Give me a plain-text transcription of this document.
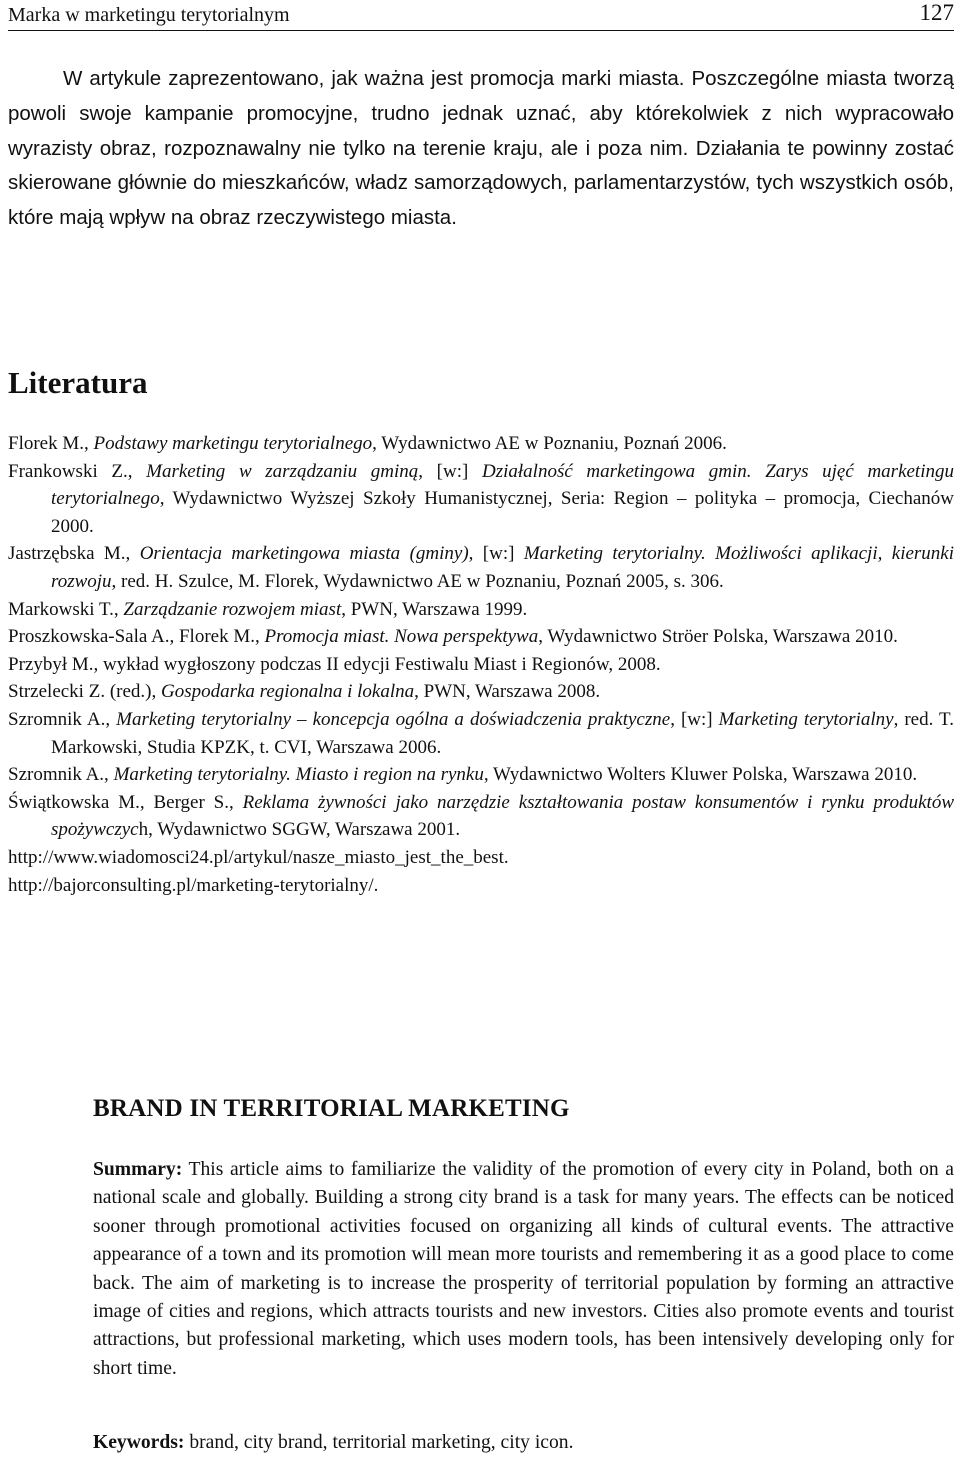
Marka w marketingu terytorialnym	127

W artykule zaprezentowano, jak ważna jest promocja marki miasta. Poszczególne miasta tworzą powoli swoje kampanie promocyjne, trudno jednak uznać, aby którekolwiek z nich wypracowało wyrazisty obraz, rozpoznawalny nie tylko na terenie kraju, ale i poza nim. Działania te powinny zostać skierowane głównie do mieszkańców, władz samorządowych, parlamentarzystów, tych wszystkich osób, które mają wpływ na obraz rzeczywistego miasta.

Literatura
Florek M., Podstawy marketingu terytorialnego, Wydawnictwo AE w Poznaniu, Poznań 2006.
Frankowski Z., Marketing w zarządzaniu gminą, [w:] Działalność marketingowa gmin. Zarys ujęć marketingu terytorialnego, Wydawnictwo Wyższej Szkoły Humanistycznej, Seria: Region – polityka – promocja, Ciechanów 2000.
Jastrzębska M., Orientacja marketingowa miasta (gminy), [w:] Marketing terytorialny. Możliwości aplikacji, kierunki rozwoju, red. H. Szulce, M. Florek, Wydawnictwo AE w Poznaniu, Poznań 2005, s. 306.
Markowski T., Zarządzanie rozwojem miast, PWN, Warszawa 1999.
Proszkowska-Sala A., Florek M., Promocja miast. Nowa perspektywa, Wydawnictwo Ströer Polska, Warszawa 2010.
Przybył M., wykład wygłoszony podczas II edycji Festiwalu Miast i Regionów, 2008.
Strzelecki Z. (red.), Gospodarka regionalna i lokalna, PWN, Warszawa 2008.
Szromnik A., Marketing terytorialny – koncepcja ogólna a doświadczenia praktyczne, [w:] Marketing terytorialny, red. T. Markowski, Studia KPZK, t. CVI, Warszawa 2006.
Szromnik A., Marketing terytorialny. Miasto i region na rynku, Wydawnictwo Wolters Kluwer Polska, Warszawa 2010.
Świątkowska M., Berger S., Reklama żywności jako narzędzie kształtowania postaw konsumentów i rynku produktów spożywczych, Wydawnictwo SGGW, Warszawa 2001.
http://www.wiadomosci24.pl/artykul/nasze_miasto_jest_the_best.
http://bajorconsulting.pl/marketing-terytorialny/.
BRAND IN TERRITORIAL MARKETING

Summary: This article aims to familiarize the validity of the promotion of every city in Poland, both on a national scale and globally. Building a strong city brand is a task for many years. The effects can be noticed sooner through promotional activities focused on organizing all kinds of cultural events. The attractive appearance of a town and its promotion will mean more tourists and remembering it as a good place to come back. The aim of marketing is to increase the prosperity of territorial population by forming an attractive image of cities and regions, which attracts tourists and new investors. Cities also promote events and tourist attractions, but professional marketing, which uses modern tools, has been intensively developing only for short time.

Keywords: brand, city brand, territorial marketing, city icon.
